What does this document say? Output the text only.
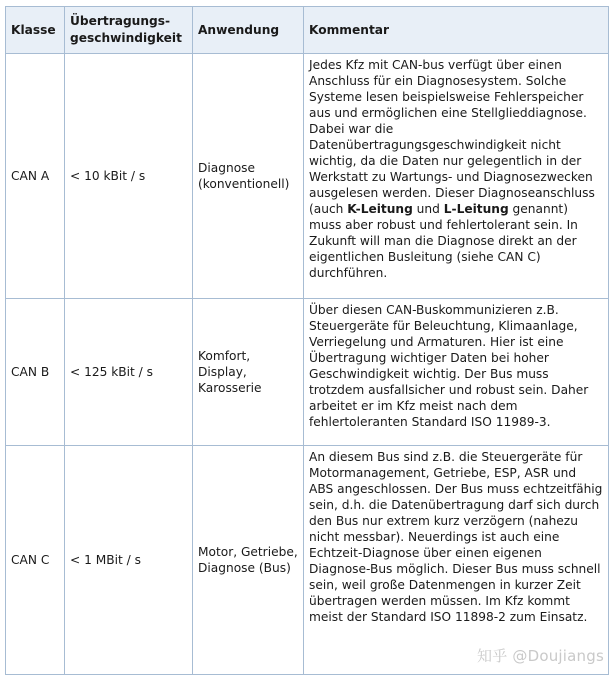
Klasse	Übertragungs-geschwindigkeit	Anwendung	Kommentar
CAN A	< 10 kBit / s	Diagnose (konventionell)	Jedes Kfz mit CAN-bus verfügt über einen Anschluss für ein Diagnosesystem. Solche Systeme lesen beispielsweise Fehlerspeicher aus und ermöglichen eine Stellglieddiagnose. Dabei war die Datenübertragungsgeschwindigkeit nicht wichtig, da die Daten nur gelegentlich in der Werkstatt zu Wartungs- und Diagnosezwecken ausgelesen werden. Dieser Diagnoseanschluss (auch K-Leitung und L-Leitung genannt) muss aber robust und fehlertolerant sein. In Zukunft will man die Diagnose direkt an der eigentlichen Busleitung (siehe CAN C) durchführen.
CAN B	< 125 kBit / s	Komfort, Display, Karosserie	Über diesen CAN-Buskommunizieren z.B. Steuergeräte für Beleuchtung, Klimaanlage, Verriegelung und Armaturen. Hier ist eine Übertragung wichtiger Daten bei hoher Geschwindigkeit wichtig. Der Bus muss trotzdem ausfallsicher und robust sein. Daher arbeitet er im Kfz meist nach dem fehlertoleranten Standard ISO 11989-3.
CAN C	< 1 MBit / s	Motor, Getriebe, Diagnose (Bus)	An diesem Bus sind z.B. die Steuergeräte für Motormanagement, Getriebe, ESP, ASR und ABS angeschlossen. Der Bus muss echtzeitfähig sein, d.h. die Datenübertragung darf sich durch den Bus nur extrem kurz verzögern (nahezu nicht messbar). Neuerdings ist auch eine Echtzeit-Diagnose über einen eigenen Diagnose-Bus möglich. Dieser Bus muss schnell sein, weil große Datenmengen in kurzer Zeit übertragen werden müssen. Im Kfz kommt meist der Standard ISO 11898-2 zum Einsatz.
知乎 @Doujiangs
